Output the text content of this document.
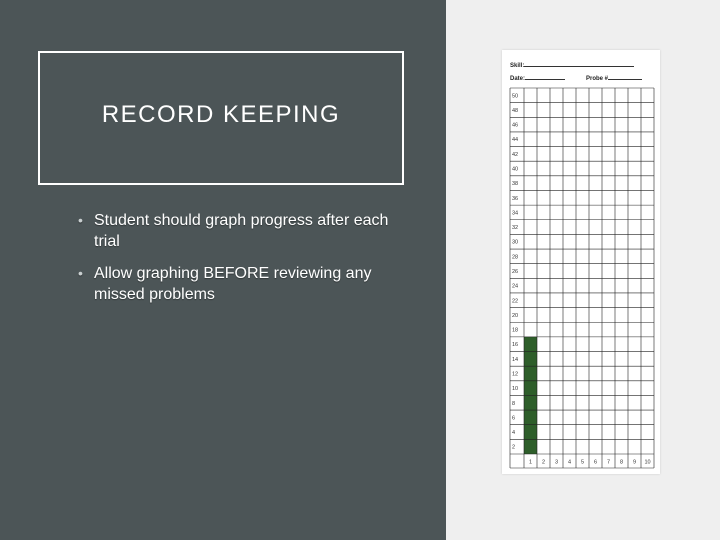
RECORD KEEPING
• Student should graph progress after each trial
• Allow graphing BEFORE reviewing any missed problems
Skill:
Date:	Probe #
50
48
46
44
42
40
38
36
34
32
30
28
26
24
22
20
18
16
14
12
10
8
6
4
2
1 2 3 4 5 6 7 8 9 10
